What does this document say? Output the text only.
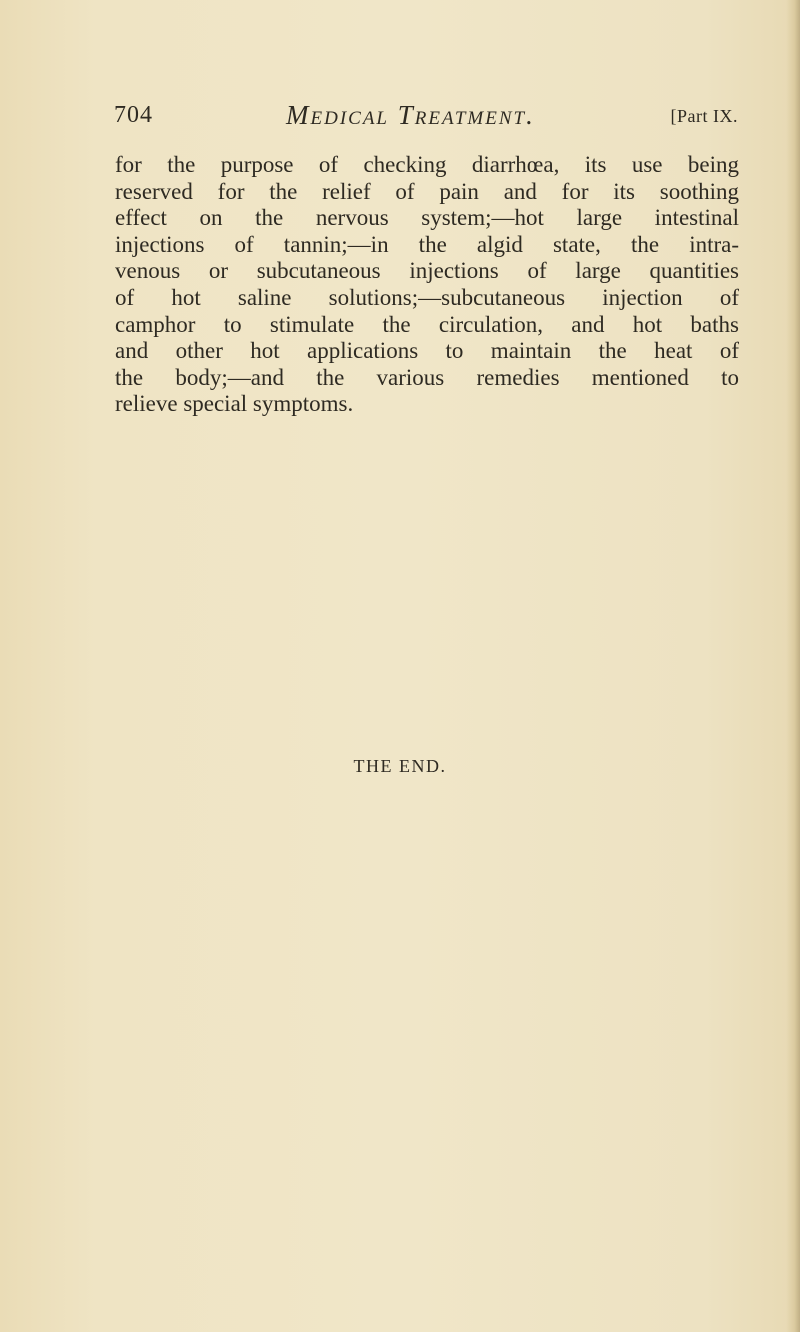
704	Medical Treatment.	[Part IX.
for the purpose of checking diarrhœa, its use being
reserved for the relief of pain and for its soothing
effect on the nervous system;—hot large intestinal
injections of tannin;—in the algid state, the intra-
venous or subcutaneous injections of large quantities
of hot saline solutions;—subcutaneous injection of
camphor to stimulate the circulation, and hot baths
and other hot applications to maintain the heat of
the body;—and the various remedies mentioned to
relieve special symptoms.
THE END.
